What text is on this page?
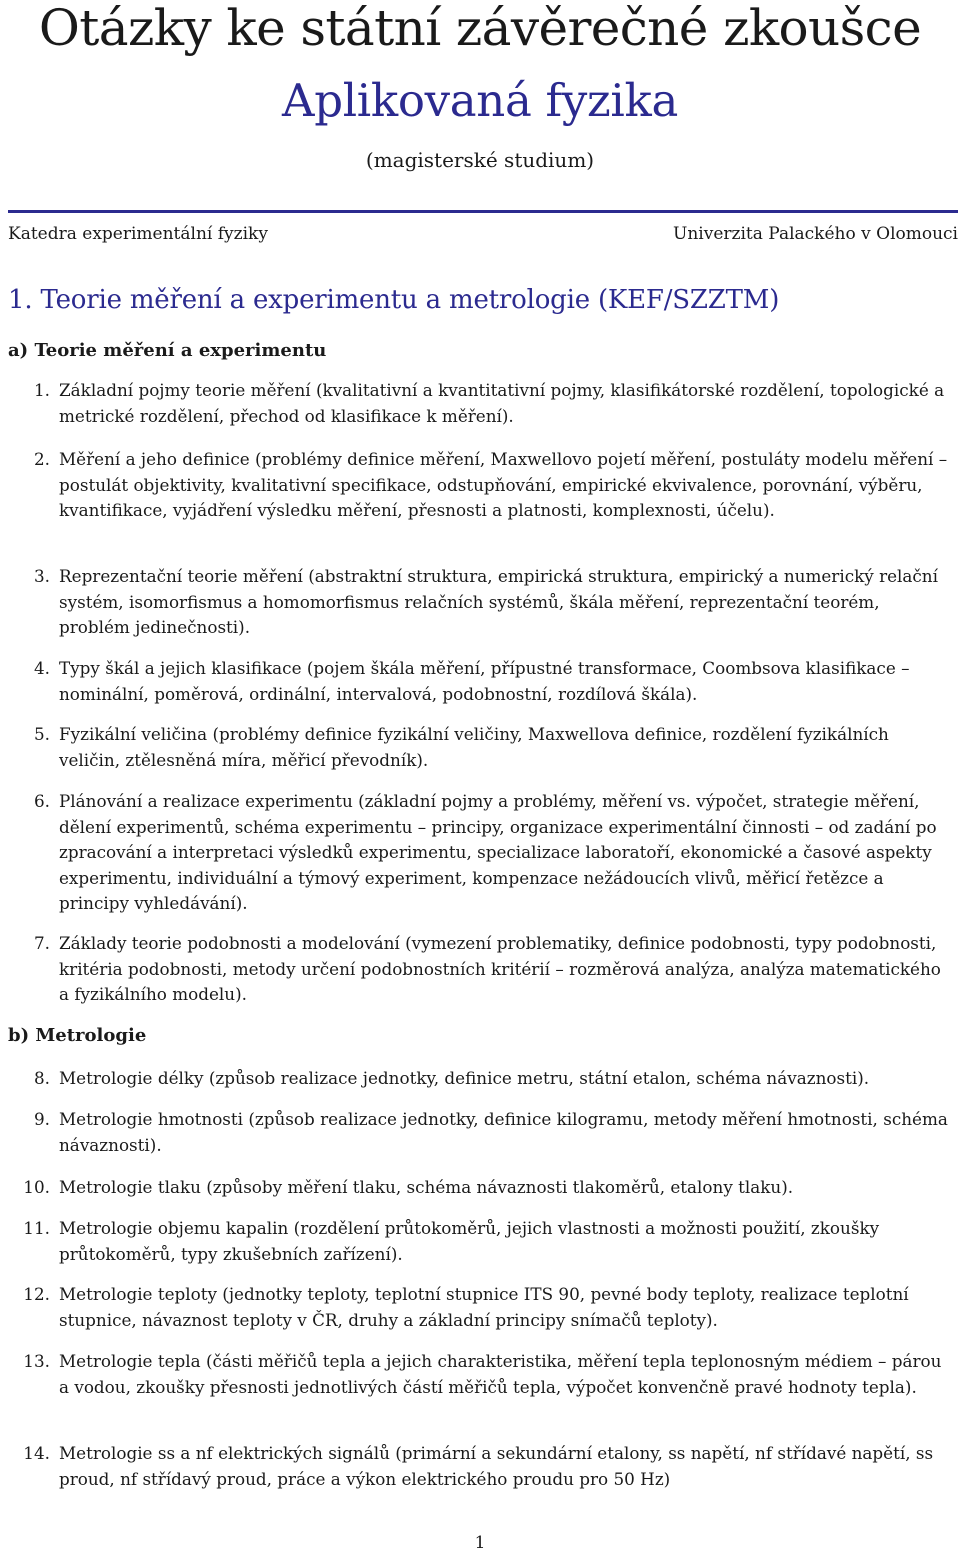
Otázky ke státní závěrečné zkoušce
Aplikovaná fyzika
(magisterské studium)
Katedra experimentální fyziky	Univerzita Palackého v Olomouci
1. Teorie měření a experimentu a metrologie (KEF/SZZTM)
a) Teorie měření a experimentu
1. Základní pojmy teorie měření (kvalitativní a kvantitativní pojmy, klasifikátorské rozdělení, topologické a metrické rozdělení, přechod od klasifikace k měření).
2. Měření a jeho definice (problémy definice měření, Maxwellovo pojetí měření, postuláty modelu měření – postulát objektivity, kvalitativní specifikace, odstupňování, empirické ekvivalence, porovnání, výběru, kvantifikace, vyjádření výsledku měření, přesnosti a platnosti, komplexnosti, účelu).
3. Reprezentační teorie měření (abstraktní struktura, empirická struktura, empirický a numerický relační systém, isomorfismus a homomorfismus relačních systémů, škála měření, reprezentační teorém, problém jedinečnosti).
4. Typy škál a jejich klasifikace (pojem škála měření, přípustné transformace, Coombsova klasifikace – nominální, poměrová, ordinální, intervalová, podobnostní, rozdílová škála).
5. Fyzikální veličina (problémy definice fyzikální veličiny, Maxwellova definice, rozdělení fyzikálních veličin, ztělesněná míra, měřicí převodník).
6. Plánování a realizace experimentu (základní pojmy a problémy, měření vs. výpočet, strategie měření, dělení experimentů, schéma experimentu – principy, organizace experimentální činnosti – od zadání po zpracování a interpretaci výsledků experimentu, specializace laboratoří, ekonomické a časové aspekty experimentu, individuální a týmový experiment, kompenzace nežádoucích vlivů, měřicí řetězce a principy vyhledávání).
7. Základy teorie podobnosti a modelování (vymezení problematiky, definice podobnosti, typy podobnosti, kritéria podobnosti, metody určení podobnostních kritérií – rozměrová analýza, analýza matematického a fyzikálního modelu).
b) Metrologie
8. Metrologie délky (způsob realizace jednotky, definice metru, státní etalon, schéma návaznosti).
9. Metrologie hmotnosti (způsob realizace jednotky, definice kilogramu, metody měření hmotnosti, schéma návaznosti).
10. Metrologie tlaku (způsoby měření tlaku, schéma návaznosti tlakoměrů, etalony tlaku).
11. Metrologie objemu kapalin (rozdělení průtokoměrů, jejich vlastnosti a možnosti použití, zkoušky průtokoměrů, typy zkušebních zařízení).
12. Metrologie teploty (jednotky teploty, teplotní stupnice ITS 90, pevné body teploty, realizace teplotní stupnice, návaznost teploty v ČR, druhy a základní principy snímačů teploty).
13. Metrologie tepla (části měřičů tepla a jejich charakteristika, měření tepla teplonosným médiem – párou a vodou, zkoušky přesnosti jednotlivých částí měřičů tepla, výpočet konvenčně pravé hodnoty tepla).
14. Metrologie ss a nf elektrických signálů (primární a sekundární etalony, ss napětí, nf střídavé napětí, ss proud, nf střídavý proud, práce a výkon elektrického proudu pro 50 Hz)
1
